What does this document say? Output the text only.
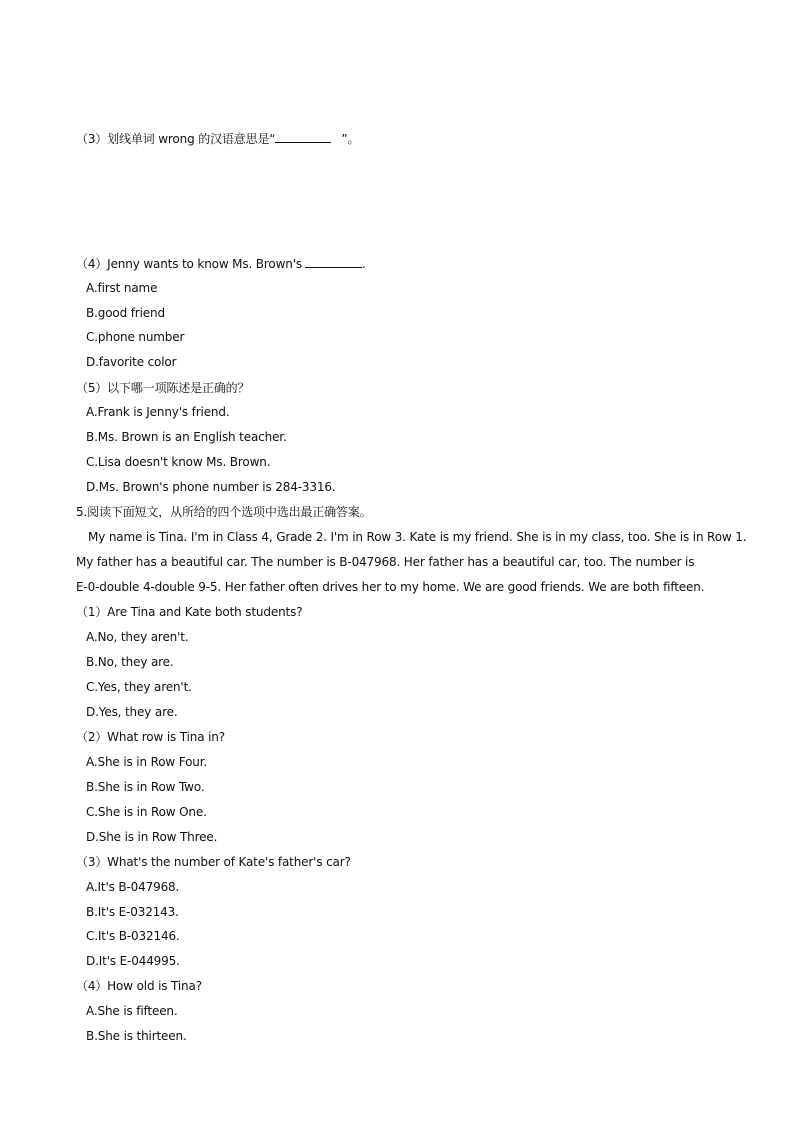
（3）划线单词 wrong 的汉语意思是“	”。
（4）Jenny wants to know Ms. Brown's	.
A.first name
B.good friend
C.phone number
D.favorite color
（5）以下哪一项陈述是正确的？
A.Frank is Jenny's friend.
B.Ms. Brown is an English teacher.
C.Lisa doesn't know Ms. Brown.
D.Ms. Brown's phone number is 284-3316.
5.阅读下面短文，从所给的四个选项中选出最正确答案。
My name is Tina. I'm in Class 4, Grade 2. I'm in Row 3. Kate is my friend. She is in my class, too. She is in Row 1.
My father has a beautiful car. The number is B-047968. Her father has a beautiful car, too. The number is
E-0-double 4-double 9-5. Her father often drives her to my home. We are good friends. We are both fifteen.
（1）Are Tina and Kate both students?
A.No, they aren't.
B.No, they are.
C.Yes, they aren't.
D.Yes, they are.
（2）What row is Tina in?
A.She is in Row Four.
B.She is in Row Two.
C.She is in Row One.
D.She is in Row Three.
（3）What's the number of Kate's father's car?
A.It's B-047968.
B.It's E-032143.
C.It's B-032146.
D.It's E-044995.
（4）How old is Tina?
A.She is fifteen.
B.She is thirteen.
